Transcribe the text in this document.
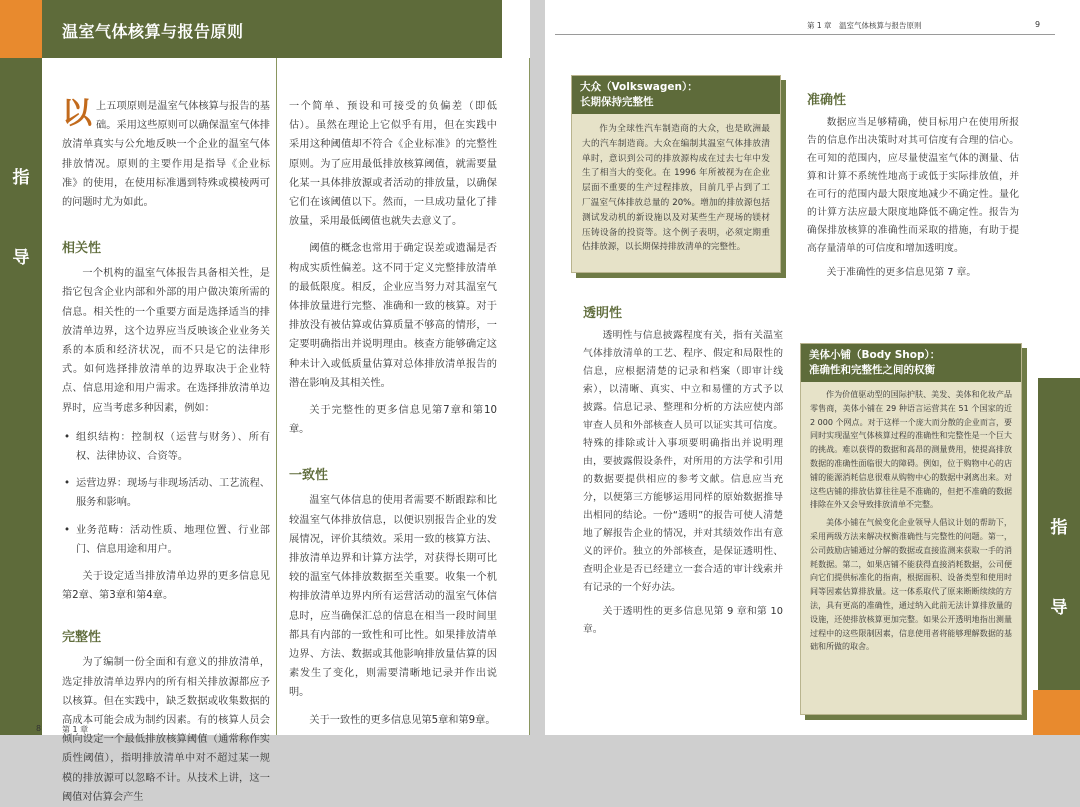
温室气体核算与报告原则
指
导

以上五项原则是温室气体核算与报告的基础。采用这些原则可以确保温室气体排放清单真实与公允地反映一个企业的温室气体排放情况。原则的主要作用是指导《企业标准》的使用，在使用标准遇到特殊或模棱两可的问题时尤为如此。

相关性

一个机构的温室气体报告具备相关性，是指它包含企业内部和外部的用户做决策所需的信息。相关性的一个重要方面是选择适当的排放清单边界，这个边界应当反映该企业业务关系的本质和经济状况，而不只是它的法律形式。如何选择排放清单的边界取决于企业特点、信息用途和用户需求。在选择排放清单边界时，应当考虑多种因素，例如：

• 组织结构：控制权（运营与财务）、所有权、法律协议、合资等。
• 运营边界：现场与非现场活动、工艺流程、服务和影响。
• 业务范畴：活动性质、地理位置、行业部门、信息用途和用户。

关于设定适当排放清单边界的更多信息见第2章、第3章和第4章。

完整性

为了编制一份全面和有意义的排放清单，选定排放清单边界内的所有相关排放源都应予以核算。但在实践中，缺乏数据或收集数据的高成本可能会成为制约因素。有的核算人员会倾向设定一个最低排放核算阈值（通常称作实质性阈值），指明排放清单中对不超过某一规模的排放源可以忽略不计。从技术上讲，这一阈值对估算会产生

一个简单、预设和可接受的负偏差（即低估）。虽然在理论上它似乎有用，但在实践中采用这种阈值却不符合《企业标准》的完整性原则。为了应用最低排放核算阈值，就需要量化某一具体排放源或者活动的排放量，以确保它们在该阈值以下。然而，一旦成功量化了排放量，采用最低阈值也就失去意义了。

阈值的概念也常用于确定误差或遗漏是否构成实质性偏差。这不同于定义完整排放清单的最低限度。相反，企业应当努力对其温室气体排放量进行完整、准确和一致的核算。对于排放没有被估算或估算质量不够高的情形，一定要明确指出并说明理由。核查方能够确定这种未计入或低质量估算对总体排放清单报告的潜在影响及其相关性。

关于完整性的更多信息见第7章和第10章。

一致性

温室气体信息的使用者需要不断跟踪和比较温室气体排放信息，以便识别报告企业的发展情况，评价其绩效。采用一致的核算方法、排放清单边界和计算方法学，对获得长期可比较的温室气体排放数据至关重要。收集一个机构排放清单边界内所有运营活动的温室气体信息时，应当确保汇总的信息在相当一段时间里都具有内部的一致性和可比性。如果排放清单边界、方法、数据或其他影响排放量估算的因素发生了变化，则需要清晰地记录并作出说明。

关于一致性的更多信息见第5章和第9章。

8	第 1 章
第 1 章　温室气体核算与报告原则	9
大众（Volkswagen）：
长期保持完整性
作为全球性汽车制造商的大众，也是欧洲最大的汽车制造商。大众在编制其温室气体排放清单时，意识到公司的排放源构成在过去七年中发生了相当大的变化。在 1996 年所被视为在企业层面不重要的生产过程排放，目前几乎占到了工厂温室气体排放总量的 20%。增加的排放源包括测试发动机的新设施以及对某些生产现场的镁材压铸设备的投资等。这个例子表明，必须定期重估排放源，以长期保持排放清单的完整性。
透明性

透明性与信息披露程度有关，指有关温室气体排放清单的工艺、程序、假定和局限性的信息，应根据清楚的记录和档案（即审计线索），以清晰、真实、中立和易懂的方式予以披露。信息记录、整理和分析的方法应使内部审查人员和外部核查人员可以证实其可信度。特殊的排除或计入事项要明确指出并说明理由，要披露假设条件，对所用的方法学和引用的数据要提供相应的参考文献。信息应当充分，以便第三方能够运用同样的原始数据推导出相同的结论。一份“透明”的报告可使人清楚地了解报告企业的情况，并对其绩效作出有意义的评价。独立的外部核查，是保证透明性、查明企业是否已经建立一套合适的审计线索并有记录的一个好办法。

关于透明性的更多信息见第 9 章和第 10 章。

准确性

数据应当足够精确，使目标用户在使用所报告的信息作出决策时对其可信度有合理的信心。在可知的范围内，应尽量使温室气体的测量、估算和计算不系统性地高于或低于实际排放值，并在可行的范围内最大限度地减少不确定性。量化的计算方法应最大限度地降低不确定性。报告为确保排放核算的准确性而采取的措施，有助于提高存量清单的可信度和增加透明度。

关于准确性的更多信息见第 7 章。

美体小铺（Body Shop）：
准确性和完整性之间的权衡

作为价值驱动型的国际护肤、美发、美体和化妆产品零售商，美体小铺在 29 种语言运营其在 51 个国家的近 2 000 个网点。对于这样一个庞大而分散的企业而言，要同时实现温室气体核算过程的准确性和完整性是一个巨大的挑战。难以获得的数据和高昂的测量费用，使提高排放数据的准确性面临很大的障碍。例如，位于购物中心的店铺的能源消耗信息很难从购物中心的数据中剥离出来。对这些店铺的排放估算往往是不准确的，但把不准确的数据排除在外又会导致排放清单不完整。

美体小铺在气候变化企业领导人倡议计划的帮助下，采用两级方法来解决权衡准确性与完整性的问题。第一，公司鼓励店铺通过分解的数据或直接监测来获取一手的消耗数据。第二，如果店铺不能获得直接消耗数据，公司便向它们提供标准化的指南，根据面积、设备类型和使用时间等因素估算排放量。这一体系取代了原来断断续续的方法，具有更高的准确性，通过纳入此前无法计算排放量的设施，还使排放核算更加完整。如果公开透明地指出测量过程中的这些限制因素，信息使用者将能够理解数据的基础和所做的取舍。

指
导
